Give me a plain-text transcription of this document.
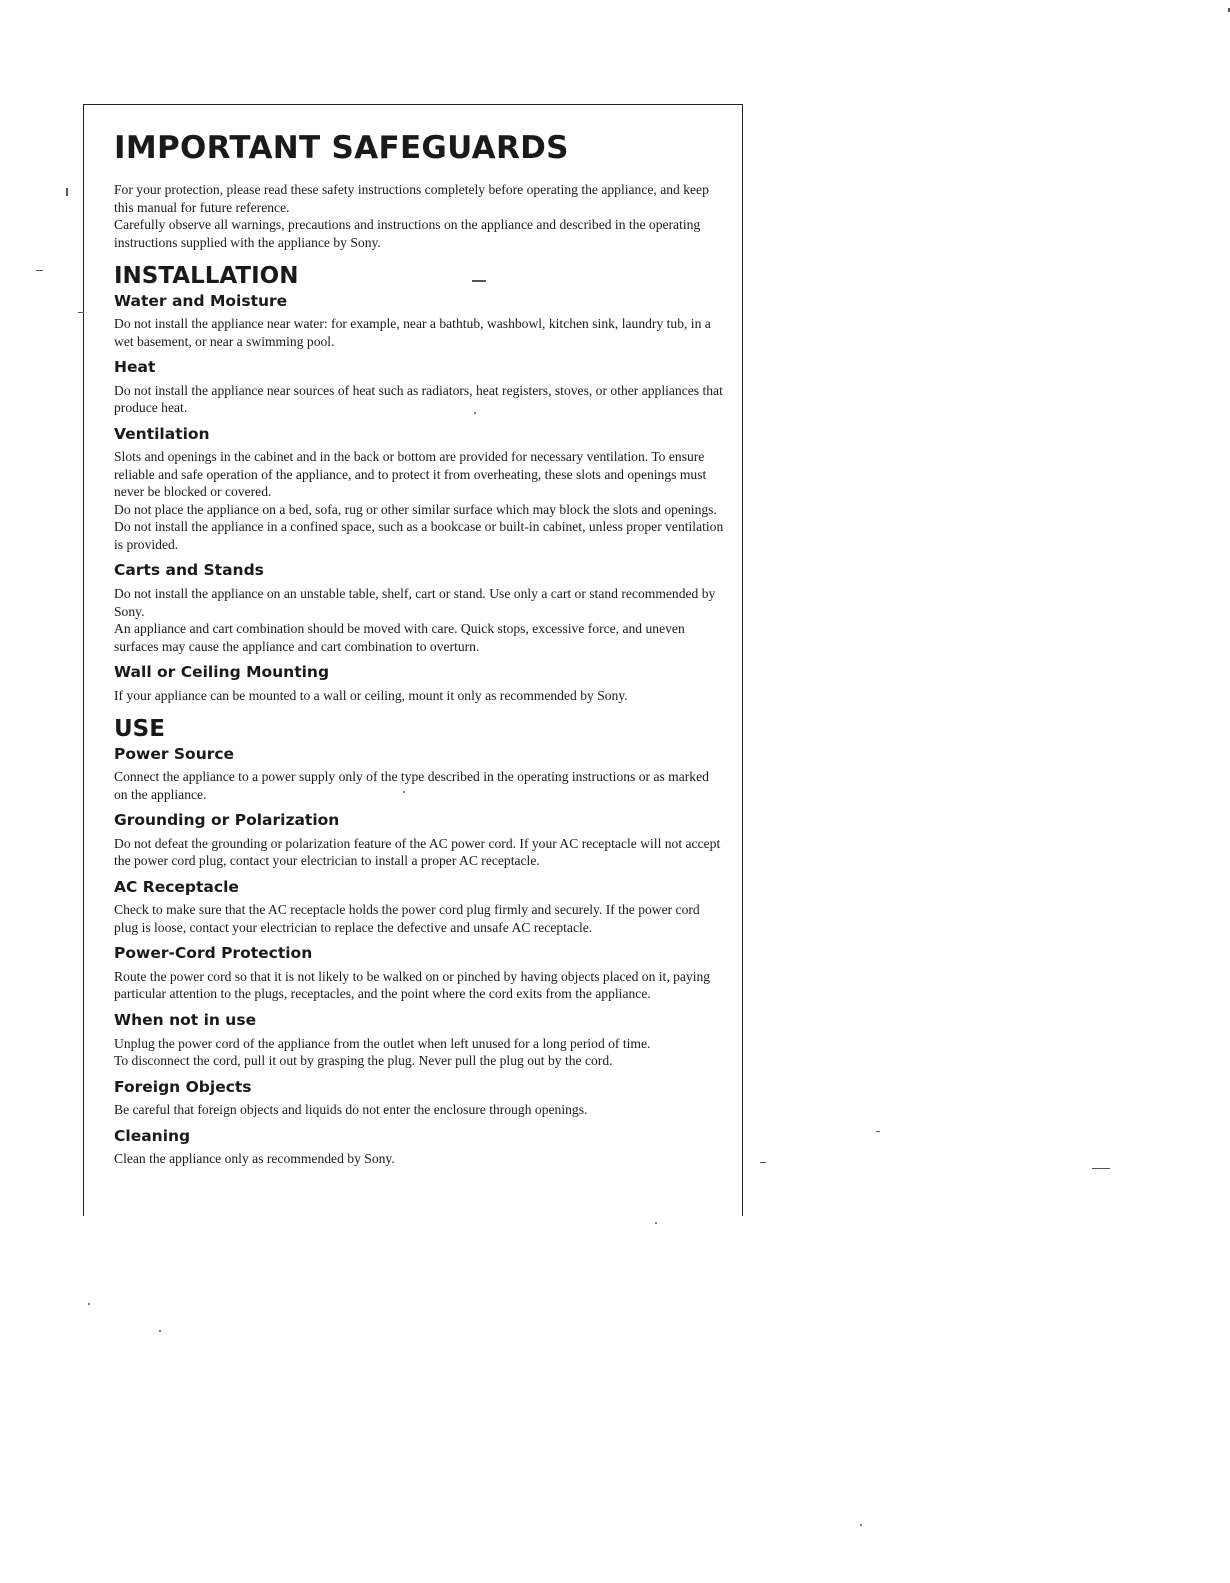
IMPORTANT SAFEGUARDS

For your protection, please read these safety instructions completely before operating the appliance, and keep this manual for future reference.

Carefully observe all warnings, precautions and instructions on the appliance and described in the operating instructions supplied with the appliance by Sony.

INSTALLATION
Water and Moisture

Do not install the appliance near water: for example, near a bathtub, washbowl, kitchen sink, laundry tub, in a wet basement, or near a swimming pool.

Heat

Do not install the appliance near sources of heat such as radiators, heat registers, stoves, or other appliances that produce heat.

Ventilation

Slots and openings in the cabinet and in the back or bottom are provided for necessary ventilation. To ensure reliable and safe operation of the appliance, and to protect it from overheating, these slots and openings must never be blocked or covered.

Do not place the appliance on a bed, sofa, rug or other similar surface which may block the slots and openings.

Do not install the appliance in a confined space, such as a bookcase or built-in cabinet, unless proper ventilation is provided.

Carts and Stands

Do not install the appliance on an unstable table, shelf, cart or stand. Use only a cart or stand recommended by Sony.

An appliance and cart combination should be moved with care. Quick stops, excessive force, and uneven surfaces may cause the appliance and cart combination to overturn.

Wall or Ceiling Mounting

If your appliance can be mounted to a wall or ceiling, mount it only as recommended by Sony.

USE
Power Source

Connect the appliance to a power supply only of the type described in the operating instructions or as marked on the appliance.

Grounding or Polarization

Do not defeat the grounding or polarization feature of the AC power cord. If your AC receptacle will not accept the power cord plug, contact your electrician to install a proper AC receptacle.

AC Receptacle

Check to make sure that the AC receptacle holds the power cord plug firmly and securely. If the power cord plug is loose, contact your electrician to replace the defective and unsafe AC receptacle.

Power-Cord Protection

Route the power cord so that it is not likely to be walked on or pinched by having objects placed on it, paying particular attention to the plugs, receptacles, and the point where the cord exits from the appliance.

When not in use

Unplug the power cord of the appliance from the outlet when left unused for a long period of time.

To disconnect the cord, pull it out by grasping the plug. Never pull the plug out by the cord.

Foreign Objects

Be careful that foreign objects and liquids do not enter the enclosure through openings.

Cleaning

Clean the appliance only as recommended by Sony.
